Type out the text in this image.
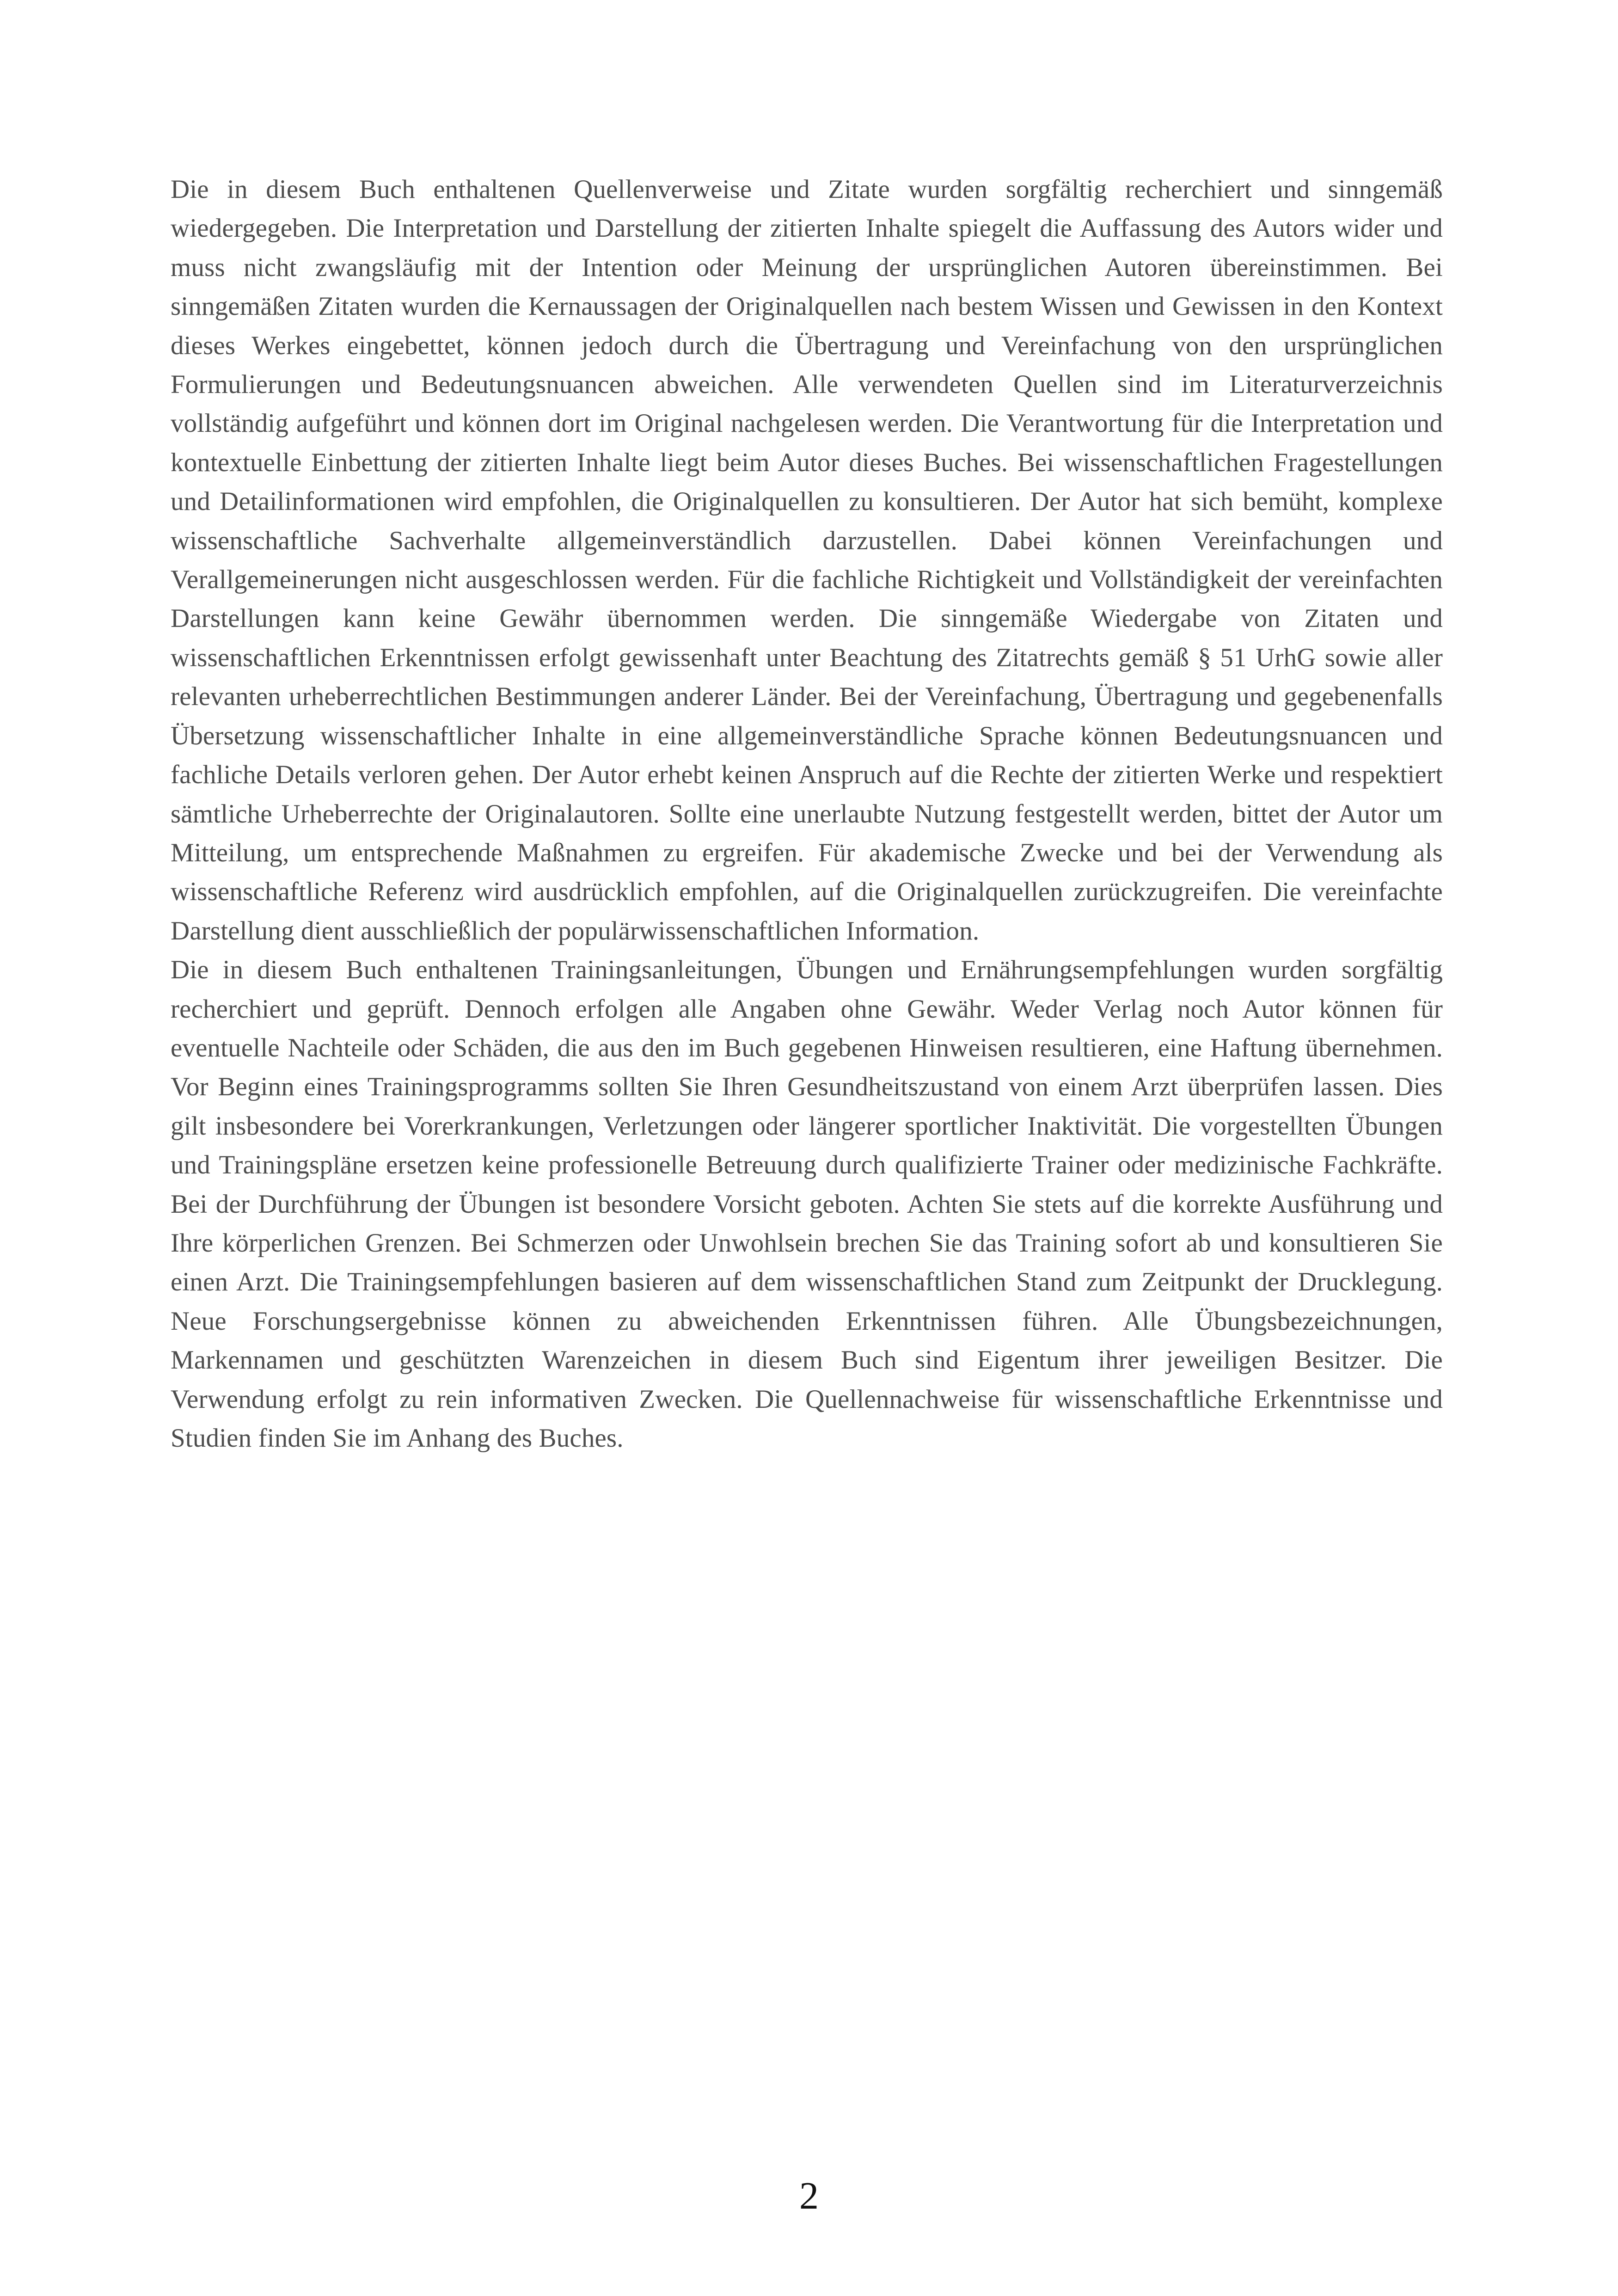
Die in diesem Buch enthaltenen Quellenverweise und Zitate wurden sorgfältig recherchiert und sinngemäß wiedergegeben. Die Interpretation und Darstellung der zitierten Inhalte spiegelt die Auffassung des Autors wider und muss nicht zwangsläufig mit der Intention oder Meinung der ursprünglichen Autoren übereinstimmen. Bei sinngemäßen Zitaten wurden die Kernaussagen der Originalquellen nach bestem Wissen und Gewissen in den Kontext dieses Werkes eingebettet, können jedoch durch die Übertragung und Vereinfachung von den ursprünglichen Formulierungen und Bedeutungsnuancen abweichen. Alle verwendeten Quellen sind im Literaturverzeichnis vollständig aufgeführt und können dort im Original nachgelesen werden. Die Verantwortung für die Interpretation und kontextuelle Einbettung der zitierten Inhalte liegt beim Autor dieses Buches. Bei wissenschaftlichen Fragestellungen und Detailinformationen wird empfohlen, die Originalquellen zu konsultieren. Der Autor hat sich bemüht, komplexe wissenschaftliche Sachverhalte allgemeinverständlich darzustellen. Dabei können Vereinfachungen und Verallgemeinerungen nicht ausgeschlossen werden. Für die fachliche Richtigkeit und Vollständigkeit der vereinfachten Darstellungen kann keine Gewähr übernommen werden. Die sinngemäße Wiedergabe von Zitaten und wissenschaftlichen Erkenntnissen erfolgt gewissenhaft unter Beachtung des Zitatrechts gemäß § 51 UrhG sowie aller relevanten urheberrechtlichen Bestimmungen anderer Länder. Bei der Vereinfachung, Übertragung und gegebenenfalls Übersetzung wissenschaftlicher Inhalte in eine allgemeinverständliche Sprache können Bedeutungsnuancen und fachliche Details verloren gehen. Der Autor erhebt keinen Anspruch auf die Rechte der zitierten Werke und respektiert sämtliche Urheberrechte der Originalautoren. Sollte eine unerlaubte Nutzung festgestellt werden, bittet der Autor um Mitteilung, um entsprechende Maßnahmen zu ergreifen. Für akademische Zwecke und bei der Verwendung als wissenschaftliche Referenz wird ausdrücklich empfohlen, auf die Originalquellen zurückzugreifen. Die vereinfachte Darstellung dient ausschließlich der populärwissenschaftlichen Information.

Die in diesem Buch enthaltenen Trainingsanleitungen, Übungen und Ernährungsempfehlungen wurden sorgfältig recherchiert und geprüft. Dennoch erfolgen alle Angaben ohne Gewähr. Weder Verlag noch Autor können für eventuelle Nachteile oder Schäden, die aus den im Buch gegebenen Hinweisen resultieren, eine Haftung übernehmen. Vor Beginn eines Trainingsprogramms sollten Sie Ihren Gesundheitszustand von einem Arzt überprüfen lassen. Dies gilt insbesondere bei Vorerkrankungen, Verletzungen oder längerer sportlicher Inaktivität. Die vorgestellten Übungen und Trainingspläne ersetzen keine professionelle Betreuung durch qualifizierte Trainer oder medizinische Fachkräfte. Bei der Durchführung der Übungen ist besondere Vorsicht geboten. Achten Sie stets auf die korrekte Ausführung und Ihre körperlichen Grenzen. Bei Schmerzen oder Unwohlsein brechen Sie das Training sofort ab und konsultieren Sie einen Arzt. Die Trainingsempfehlungen basieren auf dem wissenschaftlichen Stand zum Zeitpunkt der Drucklegung. Neue Forschungsergebnisse können zu abweichenden Erkenntnissen führen. Alle Übungsbezeichnungen, Markennamen und geschützten Warenzeichen in diesem Buch sind Eigentum ihrer jeweiligen Besitzer. Die Verwendung erfolgt zu rein informativen Zwecken. Die Quellennachweise für wissenschaftliche Erkenntnisse und Studien finden Sie im Anhang des Buches.

2
